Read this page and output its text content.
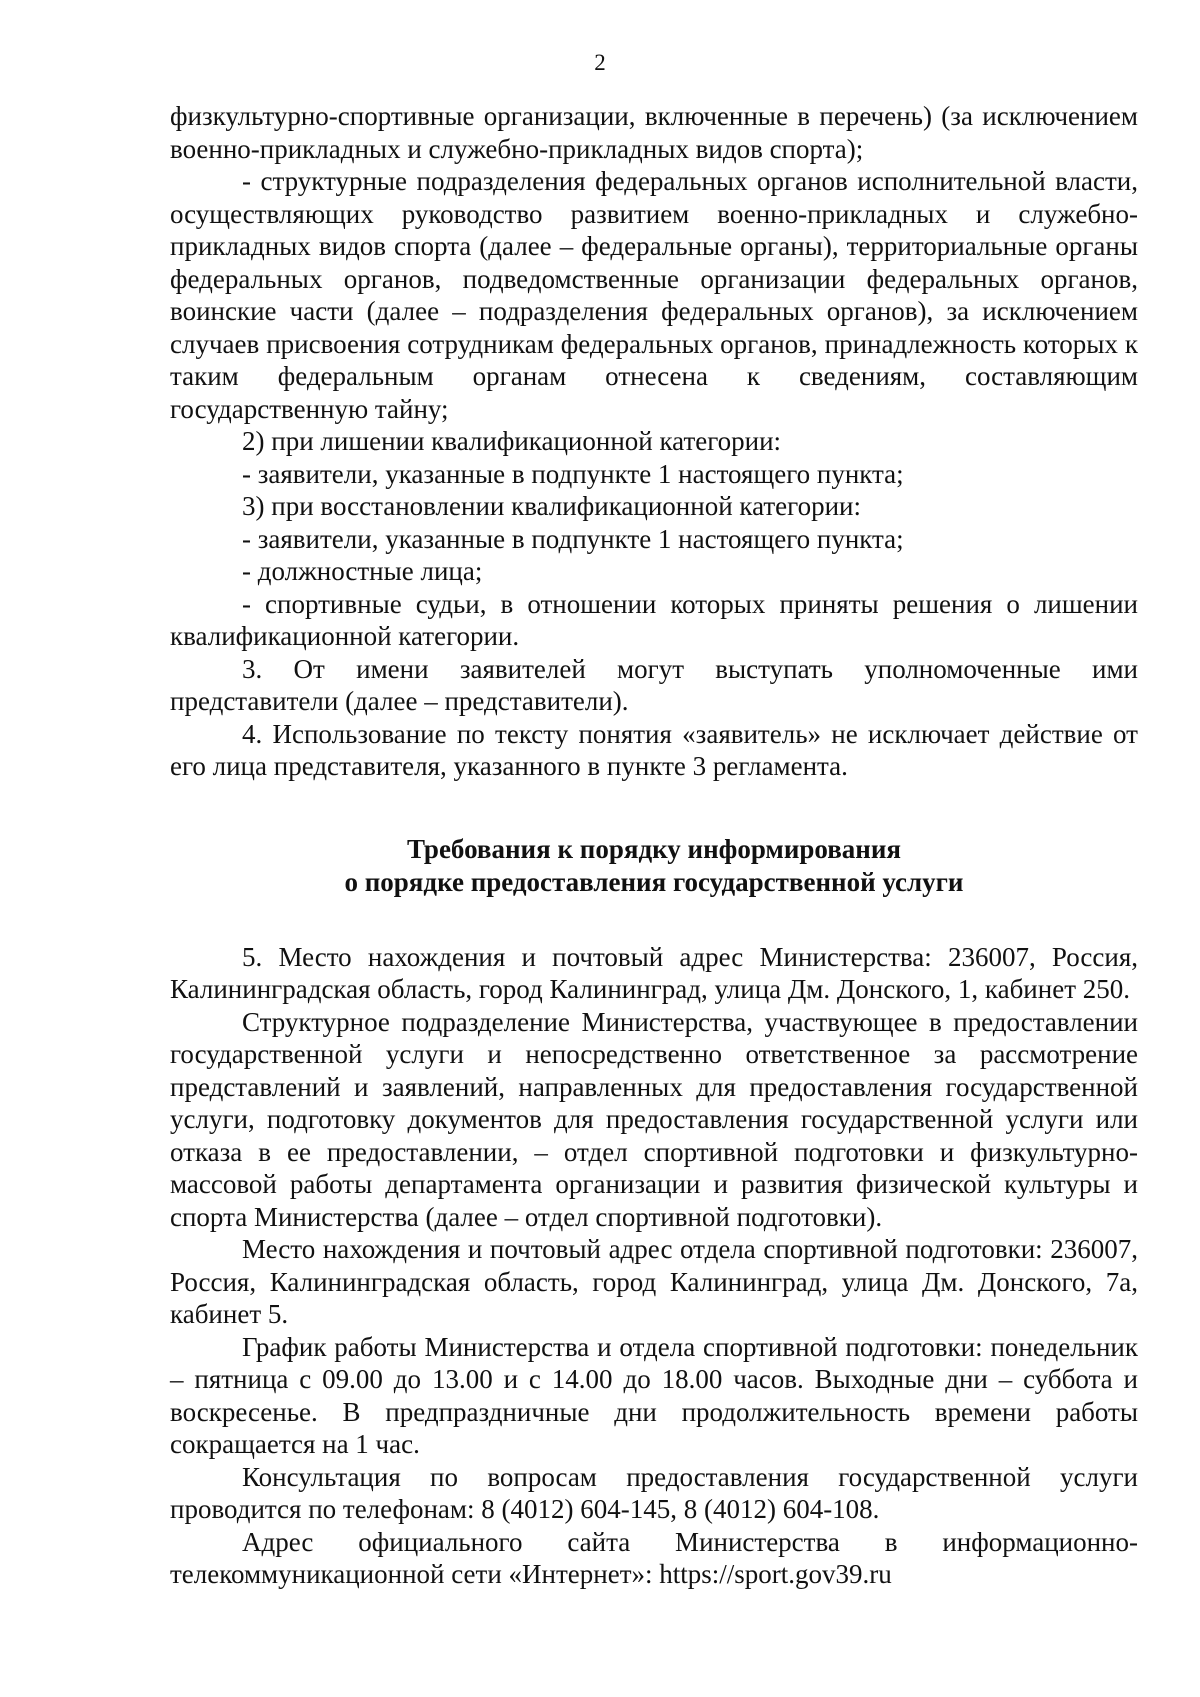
2

физкультурно-спортивные организации, включенные в перечень) (за исключением военно-прикладных и служебно-прикладных видов спорта);

- структурные подразделения федеральных органов исполнительной власти, осуществляющих руководство развитием военно-прикладных и служебно-прикладных видов спорта (далее – федеральные органы), территориальные органы федеральных органов, подведомственные организации федеральных органов, воинские части (далее – подразделения федеральных органов), за исключением случаев присвоения сотрудникам федеральных органов, принадлежность которых к таким федеральным органам отнесена к сведениям, составляющим государственную тайну;

2) при лишении квалификационной категории:

- заявители, указанные в подпункте 1 настоящего пункта;

3) при восстановлении квалификационной категории:

- заявители, указанные в подпункте 1 настоящего пункта;

- должностные лица;

- спортивные судьи, в отношении которых приняты решения о лишении квалификационной категории.

3. От имени заявителей могут выступать уполномоченные ими представители (далее – представители).

4. Использование по тексту понятия «заявитель» не исключает действие от его лица представителя, указанного в пункте 3 регламента.

Требования к порядку информирования
о порядке предоставления государственной услуги

5. Место нахождения и почтовый адрес Министерства: 236007, Россия, Калининградская область, город Калининград, улица Дм. Донского, 1, кабинет 250.

Структурное подразделение Министерства, участвующее в предоставлении государственной услуги и непосредственно ответственное за рассмотрение представлений и заявлений, направленных для предоставления государственной услуги, подготовку документов для предоставления государственной услуги или отказа в ее предоставлении, – отдел спортивной подготовки и физкультурно-массовой работы департамента организации и развития физической культуры и спорта Министерства (далее – отдел спортивной подготовки).

Место нахождения и почтовый адрес отдела спортивной подготовки: 236007, Россия, Калининградская область, город Калининград, улица Дм. Донского, 7а, кабинет 5.

График работы Министерства и отдела спортивной подготовки: понедельник – пятница с 09.00 до 13.00 и с 14.00 до 18.00 часов. Выходные дни – суббота и воскресенье. В предпраздничные дни продолжительность времени работы сокращается на 1 час.

Консультация по вопросам предоставления государственной услуги проводится по телефонам: 8 (4012) 604-145, 8 (4012) 604-108.

Адрес официального сайта Министерства в информационно-телекоммуникационной сети «Интернет»: https://sport.gov39.ru
